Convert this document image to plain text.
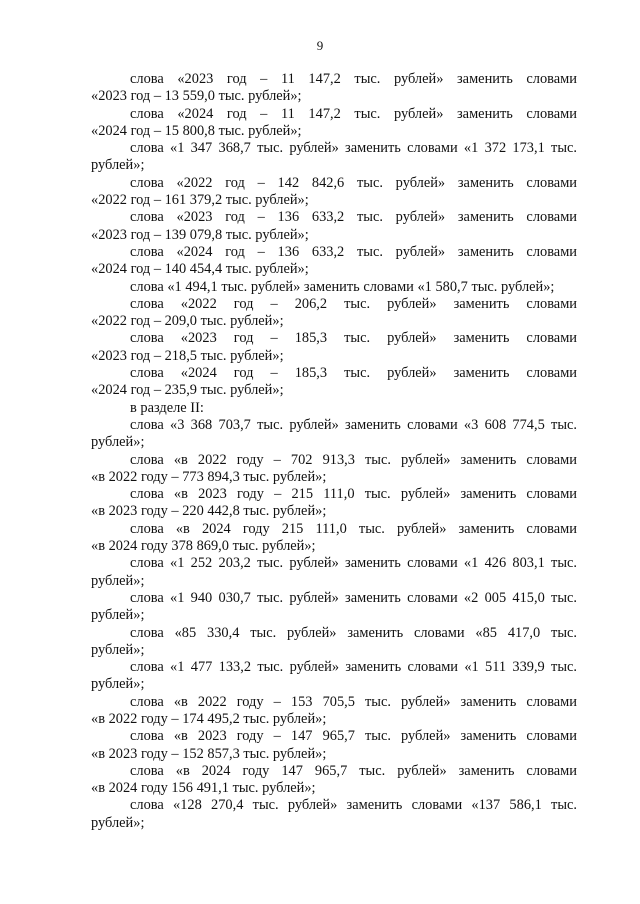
9
слова «2023 год – 11 147,2 тыс. рублей» заменить словами
«2023 год – 13 559,0 тыс. рублей»;
слова «2024 год – 11 147,2 тыс. рублей» заменить словами
«2024 год – 15 800,8 тыс. рублей»;
слова «1 347 368,7 тыс. рублей» заменить словами «1 372 173,1 тыс.
рублей»;
слова «2022 год – 142 842,6 тыс. рублей» заменить словами
«2022 год – 161 379,2 тыс. рублей»;
слова «2023 год – 136 633,2 тыс. рублей» заменить словами
«2023 год – 139 079,8 тыс. рублей»;
слова «2024 год – 136 633,2 тыс. рублей» заменить словами
«2024 год – 140 454,4 тыс. рублей»;
слова «1 494,1 тыс. рублей» заменить словами «1 580,7 тыс. рублей»;
слова «2022 год – 206,2 тыс. рублей» заменить словами
«2022 год – 209,0 тыс. рублей»;
слова «2023 год – 185,3 тыс. рублей» заменить словами
«2023 год – 218,5 тыс. рублей»;
слова «2024 год – 185,3 тыс. рублей» заменить словами
«2024 год – 235,9 тыс. рублей»;
в разделе II:
слова «3 368 703,7 тыс. рублей» заменить словами «3 608 774,5 тыс.
рублей»;
слова «в 2022 году – 702 913,3 тыс. рублей» заменить словами
«в 2022 году – 773 894,3 тыс. рублей»;
слова «в 2023 году – 215 111,0 тыс. рублей» заменить словами
«в 2023 году – 220 442,8 тыс. рублей»;
слова «в 2024 году 215 111,0 тыс. рублей» заменить словами
«в 2024 году 378 869,0 тыс. рублей»;
слова «1 252 203,2 тыс. рублей» заменить словами «1 426 803,1 тыс.
рублей»;
слова «1 940 030,7 тыс. рублей» заменить словами «2 005 415,0 тыс.
рублей»;
слова «85 330,4 тыс. рублей» заменить словами «85 417,0 тыс.
рублей»;
слова «1 477 133,2 тыс. рублей» заменить словами «1 511 339,9 тыс.
рублей»;
слова «в 2022 году – 153 705,5 тыс. рублей» заменить словами
«в 2022 году – 174 495,2 тыс. рублей»;
слова «в 2023 году – 147 965,7 тыс. рублей» заменить словами
«в 2023 году – 152 857,3 тыс. рублей»;
слова «в 2024 году 147 965,7 тыс. рублей» заменить словами
«в 2024 году 156 491,1 тыс. рублей»;
слова «128 270,4 тыс. рублей» заменить словами «137 586,1 тыс.
рублей»;
